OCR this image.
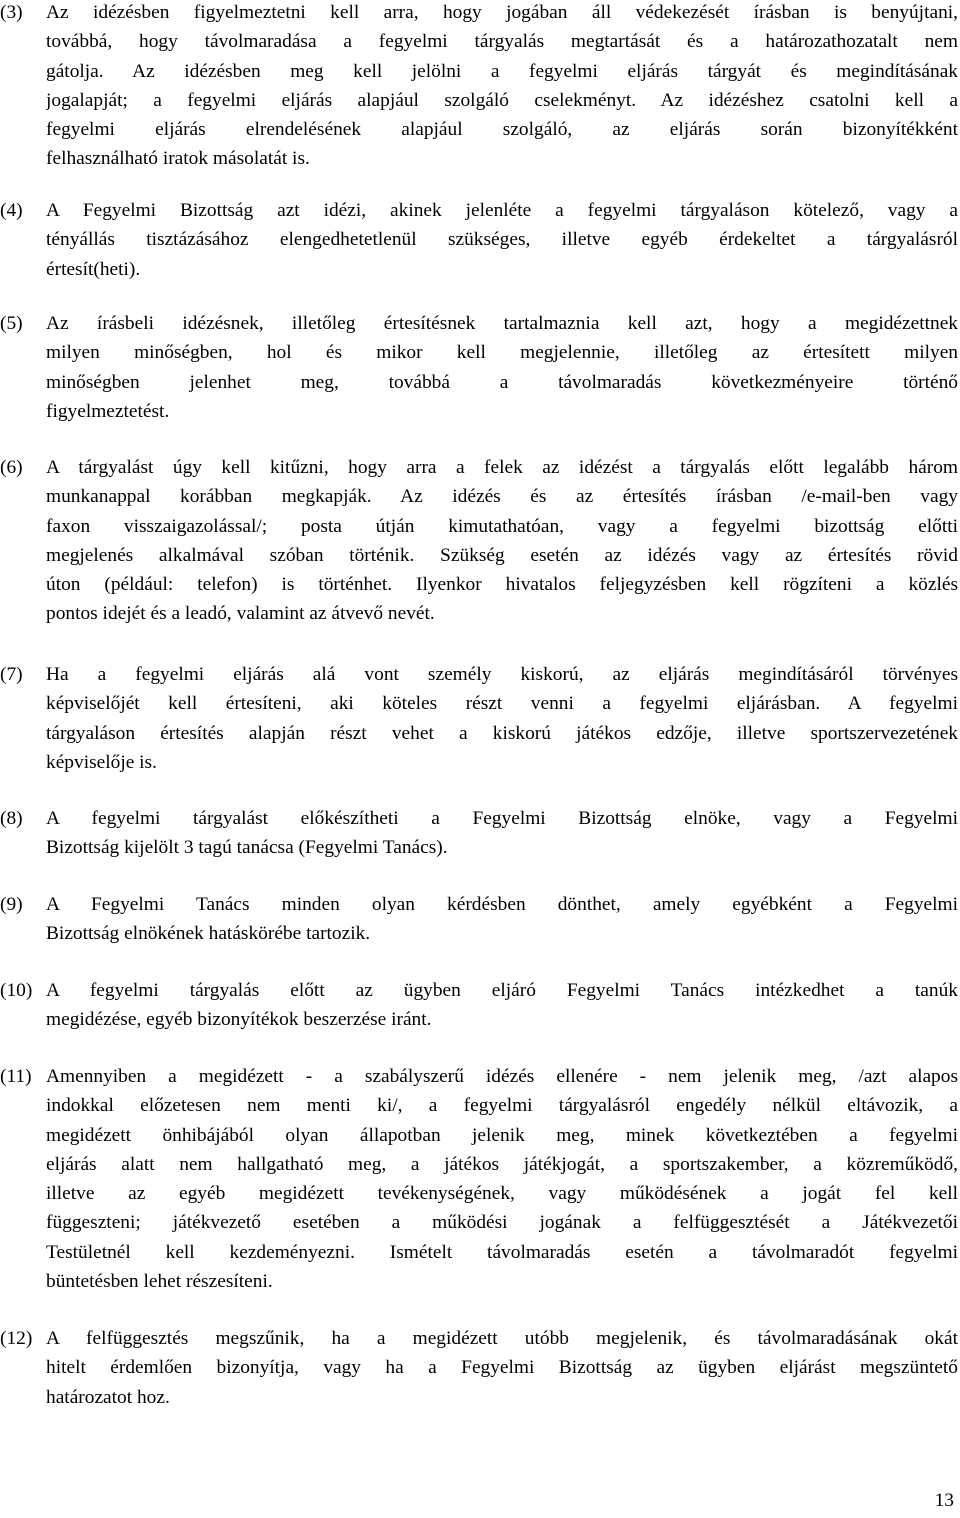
(3)	Az idézésben figyelmeztetni kell arra, hogy jogában áll védekezését írásban is benyújtani,
továbbá, hogy távolmaradása a fegyelmi tárgyalás megtartását és a határozathozatalt nem
gátolja. Az idézésben meg kell jelölni a fegyelmi eljárás tárgyát és megindításának
jogalapját; a fegyelmi eljárás alapjául szolgáló cselekményt. Az idézéshez csatolni kell a
fegyelmi eljárás elrendelésének alapjául szolgáló, az eljárás során bizonyítékként
felhasználható iratok másolatát is.
(4)	A Fegyelmi Bizottság azt idézi, akinek jelenléte a fegyelmi tárgyaláson kötelező, vagy a
tényállás tisztázásához elengedhetetlenül szükséges, illetve egyéb érdekeltet a tárgyalásról
értesít(heti).
(5)	Az írásbeli idézésnek, illetőleg értesítésnek tartalmaznia kell azt, hogy a megidézettnek
milyen minőségben, hol és mikor kell megjelennie, illetőleg az értesített milyen
minőségben jelenhet meg, továbbá a távolmaradás következményeire történő
figyelmeztetést.
(6)	A tárgyalást úgy kell kitűzni, hogy arra a felek az idézést a tárgyalás előtt legalább három
munkanappal korábban megkapják. Az idézés és az értesítés írásban /e-mail-ben vagy
faxon visszaigazolással/; posta útján kimutathatóan, vagy a fegyelmi bizottság előtti
megjelenés alkalmával szóban történik. Szükség esetén az idézés vagy az értesítés rövid
úton (például: telefon) is történhet. Ilyenkor hivatalos feljegyzésben kell rögzíteni a közlés
pontos idejét és a leadó, valamint az átvevő nevét.
(7)	Ha a fegyelmi eljárás alá vont személy kiskorú, az eljárás megindításáról törvényes
képviselőjét kell értesíteni, aki köteles részt venni a fegyelmi eljárásban. A fegyelmi
tárgyaláson értesítés alapján részt vehet a kiskorú játékos edzője, illetve sportszervezetének
képviselője is.
(8)	A fegyelmi tárgyalást előkészítheti a Fegyelmi Bizottság elnöke, vagy a Fegyelmi
Bizottság kijelölt 3 tagú tanácsa (Fegyelmi Tanács).
(9)	A Fegyelmi Tanács minden olyan kérdésben dönthet, amely egyébként a Fegyelmi
Bizottság elnökének hatáskörébe tartozik.
(10) A fegyelmi tárgyalás előtt az ügyben eljáró Fegyelmi Tanács intézkedhet a tanúk
megidézése, egyéb bizonyítékok beszerzése iránt.
(11) Amennyiben a megidézett - a szabályszerű idézés ellenére - nem jelenik meg, /azt alapos
indokkal előzetesen nem menti ki/, a fegyelmi tárgyalásról engedély nélkül eltávozik, a
megidézett önhibájából olyan állapotban jelenik meg, minek következtében a fegyelmi
eljárás alatt nem hallgatható meg, a játékos játékjogát, a sportszakember, a közreműködő,
illetve az egyéb megidézett tevékenységének, vagy működésének a jogát fel kell
függeszteni; játékvezető esetében a működési jogának a felfüggesztését a Játékvezetői
Testületnél kell kezdeményezni. Ismételt távolmaradás esetén a távolmaradót fegyelmi
büntetésben lehet részesíteni.
(12) A felfüggesztés megszűnik, ha a megidézett utóbb megjelenik, és távolmaradásának okát
hitelt érdemlően bizonyítja, vagy ha a Fegyelmi Bizottság az ügyben eljárást megszüntető
határozatot hoz.
13
